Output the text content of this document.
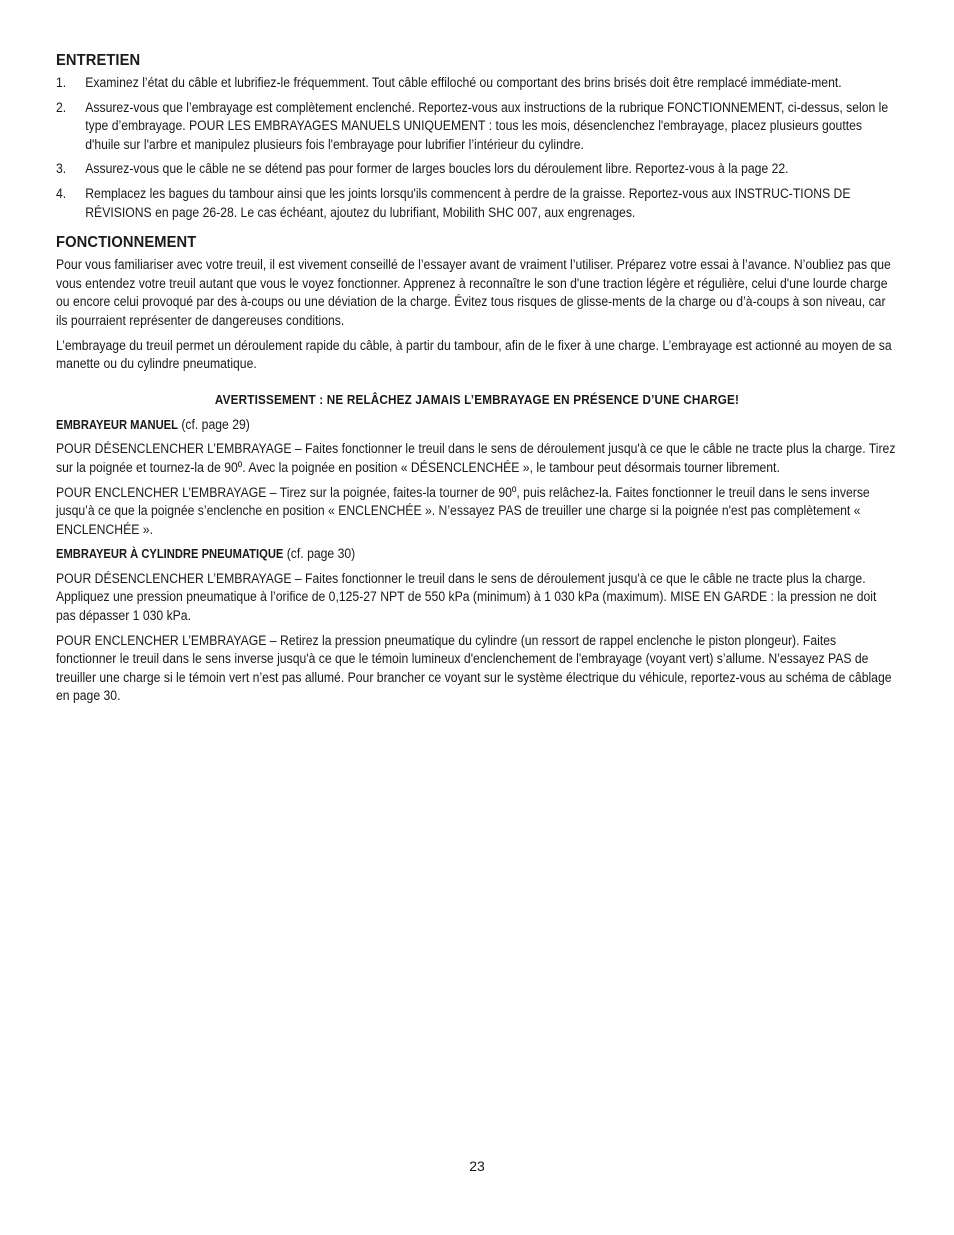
ENTRETIEN
1. Examinez l’état du câble et lubrifiez-le fréquemment. Tout câble effiloché ou comportant des brins brisés doit être remplacé immédiate-ment.
2. Assurez-vous que l’embrayage est complètement enclenché. Reportez-vous aux instructions de la rubrique FONCTIONNEMENT, ci-dessus, selon le type d’embrayage. POUR LES EMBRAYAGES MANUELS UNIQUEMENT : tous les mois, désenclenchez l'embrayage, placez plusieurs gouttes d'huile sur l'arbre et manipulez plusieurs fois l'embrayage pour lubrifier l’intérieur du cylindre.
3. Assurez-vous que le câble ne se détend pas pour former de larges boucles lors du déroulement libre. Reportez-vous à la page 22.
4. Remplacez les bagues du tambour ainsi que les joints lorsqu'ils commencent à perdre de la graisse. Reportez-vous aux INSTRUC-TIONS DE RÉVISIONS en page 26-28. Le cas échéant, ajoutez du lubrifiant, Mobilith SHC 007, aux engrenages.
FONCTIONNEMENT

Pour vous familiariser avec votre treuil, il est vivement conseillé de l’essayer avant de vraiment l’utiliser. Préparez votre essai à l’avance. N’oubliez pas que vous entendez votre treuil autant que vous le voyez fonctionner. Apprenez à reconnaître le son d'une traction légère et régulière, celui d'une lourde charge ou encore celui provoqué par des à-coups ou une déviation de la charge. Évitez tous risques de glisse-ments de la charge ou d’à-coups à son niveau, car ils pourraient représenter de dangereuses conditions.

L’embrayage du treuil permet un déroulement rapide du câble, à partir du tambour, afin de le fixer à une charge. L’embrayage est actionné au moyen de sa manette ou du cylindre pneumatique.

AVERTISSEMENT : NE RELÂCHEZ JAMAIS L’EMBRAYAGE EN PRÉSENCE D’UNE CHARGE!

EMBRAYEUR MANUEL (cf. page 29)

POUR DÉSENCLENCHER L’EMBRAYAGE – Faites fonctionner le treuil dans le sens de déroulement jusqu'à ce que le câble ne tracte plus la charge. Tirez sur la poignée et tournez-la de 90º. Avec la poignée en position « DÉSENCLENCHÉE », le tambour peut désormais tourner librement.

POUR ENCLENCHER L’EMBRAYAGE – Tirez sur la poignée, faites-la tourner de 90º, puis relâchez-la. Faites fonctionner le treuil dans le sens inverse jusqu’à ce que la poignée s’enclenche en position « ENCLENCHÉE ». N’essayez PAS de treuiller une charge si la poignée n'est pas complètement « ENCLENCHÉE ».

EMBRAYEUR À CYLINDRE PNEUMATIQUE (cf. page 30)

POUR DÉSENCLENCHER L’EMBRAYAGE – Faites fonctionner le treuil dans le sens de déroulement jusqu'à ce que le câble ne tracte plus la charge. Appliquez une pression pneumatique à l’orifice de 0,125-27 NPT de 550 kPa (minimum) à 1 030 kPa (maximum). MISE EN GARDE : la pression ne doit pas dépasser 1 030 kPa.

POUR ENCLENCHER L’EMBRAYAGE – Retirez la pression pneumatique du cylindre (un ressort de rappel enclenche le piston plongeur). Faites fonctionner le treuil dans le sens inverse jusqu'à ce que le témoin lumineux d'enclenchement de l'embrayage (voyant vert) s’allume. N’essayez PAS de treuiller une charge si le témoin vert n’est pas allumé. Pour brancher ce voyant sur le système électrique du véhicule, reportez-vous au schéma de câblage en page 30.

23
